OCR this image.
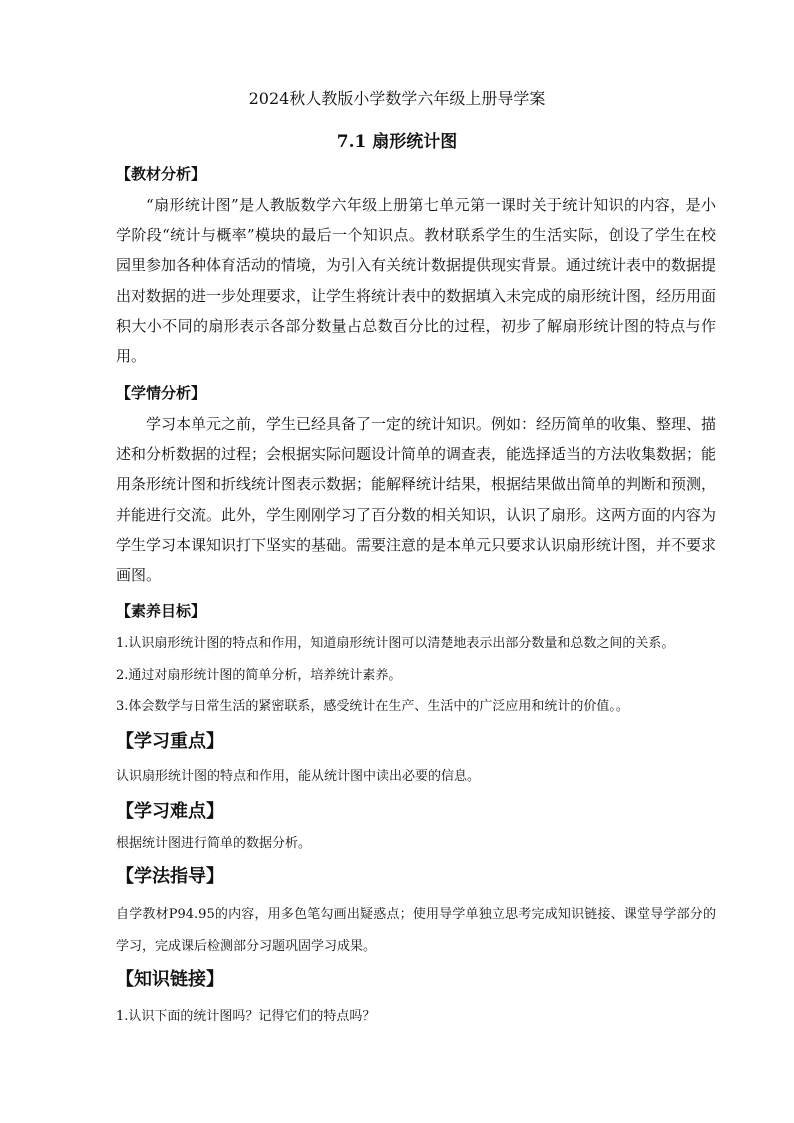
2024秋人教版小学数学六年级上册导学案
7.1 扇形统计图
【教材分析】

“扇形统计图”是人教版数学六年级上册第七单元第一课时关于统计知识的内容，是小学阶段“统计与概率”模块的最后一个知识点。教材联系学生的生活实际，创设了学生在校园里参加各种体育活动的情境，为引入有关统计数据提供现实背景。通过统计表中的数据提出对数据的进一步处理要求，让学生将统计表中的数据填入未完成的扇形统计图，经历用面积大小不同的扇形表示各部分数量占总数百分比的过程，初步了解扇形统计图的特点与作用。

【学情分析】

学习本单元之前，学生已经具备了一定的统计知识。例如：经历简单的收集、整理、描述和分析数据的过程；会根据实际问题设计简单的调查表，能选择适当的方法收集数据；能用条形统计图和折线统计图表示数据；能解释统计结果，根据结果做出简单的判断和预测，并能进行交流。此外，学生刚刚学习了百分数的相关知识，认识了扇形。这两方面的内容为学生学习本课知识打下坚实的基础。需要注意的是本单元只要求认识扇形统计图，并不要求画图。

【素养目标】

1.认识扇形统计图的特点和作用，知道扇形统计图可以清楚地表示出部分数量和总数之间的关系。

2.通过对扇形统计图的简单分析，培养统计素养。

3.体会数学与日常生活的紧密联系，感受统计在生产、生活中的广泛应用和统计的价值。。

【学习重点】

认识扇形统计图的特点和作用，能从统计图中读出必要的信息。

【学习难点】

根据统计图进行简单的数据分析。

【学法指导】

自学教材P94.95的内容，用多色笔勾画出疑惑点；使用导学单独立思考完成知识链接、课堂导学部分的学习，完成课后检测部分习题巩固学习成果。

【知识链接】

1.认识下面的统计图吗？记得它们的特点吗？
